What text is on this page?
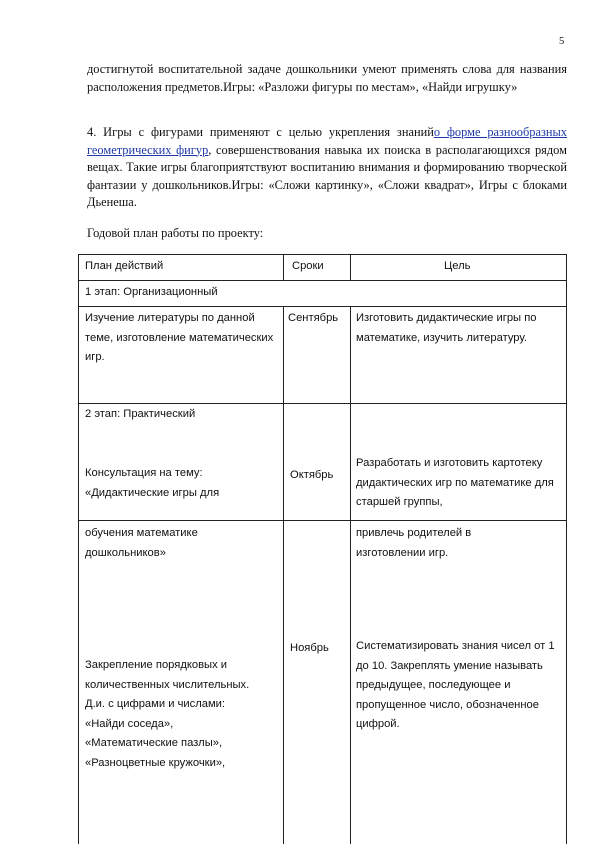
5

достигнутой воспитательной задаче дошкольники умеют применять слова для названия расположения предметов.Игры: «Разложи фигуры по местам», «Найди игрушку»

4. Игры с фигурами применяют с целью укрепления знанийо форме разнообразных геометрических фигур, совершенствования навыка их поиска в располагающихся рядом вещах. Такие игры благоприятствуют воспитанию внимания и формированию творческой фантазии у дошкольников.Игры: «Сложи картинку», «Сложи квадрат», Игры с блоками Дьенеша.

Годовой план работы по проекту:

План действий	Сроки	Цель
1 этап: Организационный
Изучение литературы по данной теме, изготовление математических игр.
Сентябрь Изготовить дидактические игры по математике, изучить литературу.
2 этап: Практический
Консультация на тему: «Дидактические игры для
Октябрь
Разработать и изготовить картотеку дидактических игр по математике для старшей группы,
обучения математике дошкольников»
привлечь родителей в изготовлении игр.
Ноябрь Систематизировать знания чисел от 1 до 10. Закреплять умение называть предыдущее, последующее и пропущенное число, обозначенное цифрой.

Закрепление порядковых и

количественных числительных.

Д.и. с цифрами и числами:

«Найди соседа»,

«Математические пазлы»,

«Разноцветные кружочки»,
